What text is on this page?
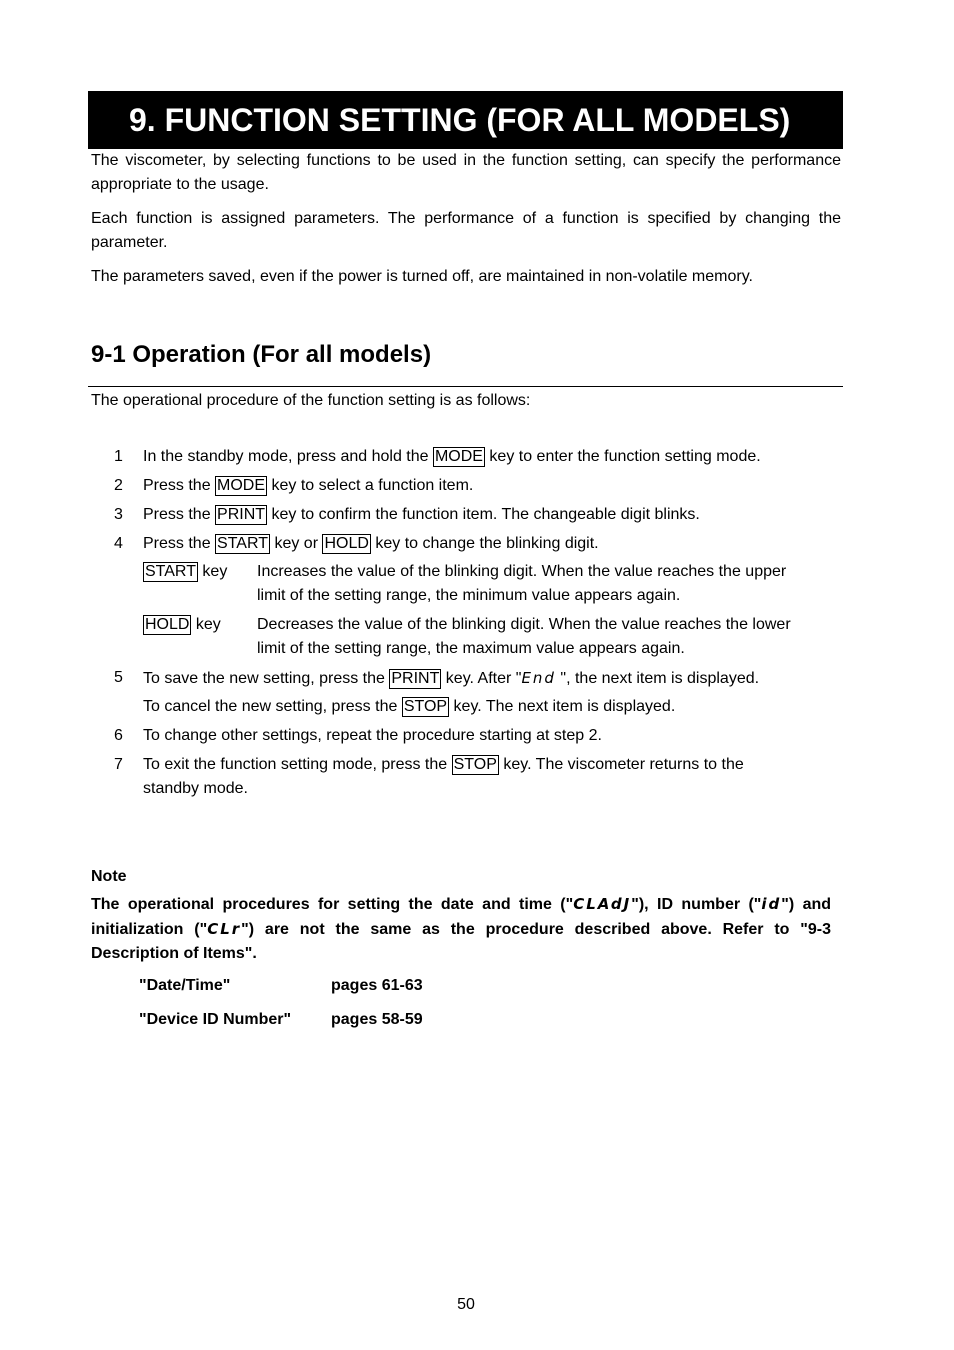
9. FUNCTION SETTING (FOR ALL MODELS)
The viscometer, by selecting functions to be used in the function setting, can specify the performance appropriate to the usage.
Each function is assigned parameters. The performance of a function is specified by changing the parameter.
The parameters saved, even if the power is turned off, are maintained in non-volatile memory.
9-1 Operation (For all models)
The operational procedure of the function setting is as follows:
1 In the standby mode, press and hold the MODE key to enter the function setting mode.
2 Press the MODE key to select a function item.
3 Press the PRINT key to confirm the function item. The changeable digit blinks.
4 Press the START key or HOLD key to change the blinking digit.
START key Increases the value of the blinking digit. When the value reaches the upper
limit of the setting range, the minimum value appears again.
HOLD key Decreases the value of the blinking digit. When the value reaches the lower
limit of the setting range, the maximum value appears again.
5 To save the new setting, press the PRINT key. After "End ", the next item is displayed.
To cancel the new setting, press the STOP key. The next item is displayed.
6 To change other settings, repeat the procedure starting at step 2.
7 To exit the function setting mode, press the STOP key. The viscometer returns to the
standby mode.
Note
The operational procedures for setting the date and time ("CLAdJ"), ID number ("id") and initialization ("CLr") are not the same as the procedure described above. Refer to "9-3 Description of Items".
"Date/Time"	pages 61-63
"Device ID Number" pages 58-59
50
